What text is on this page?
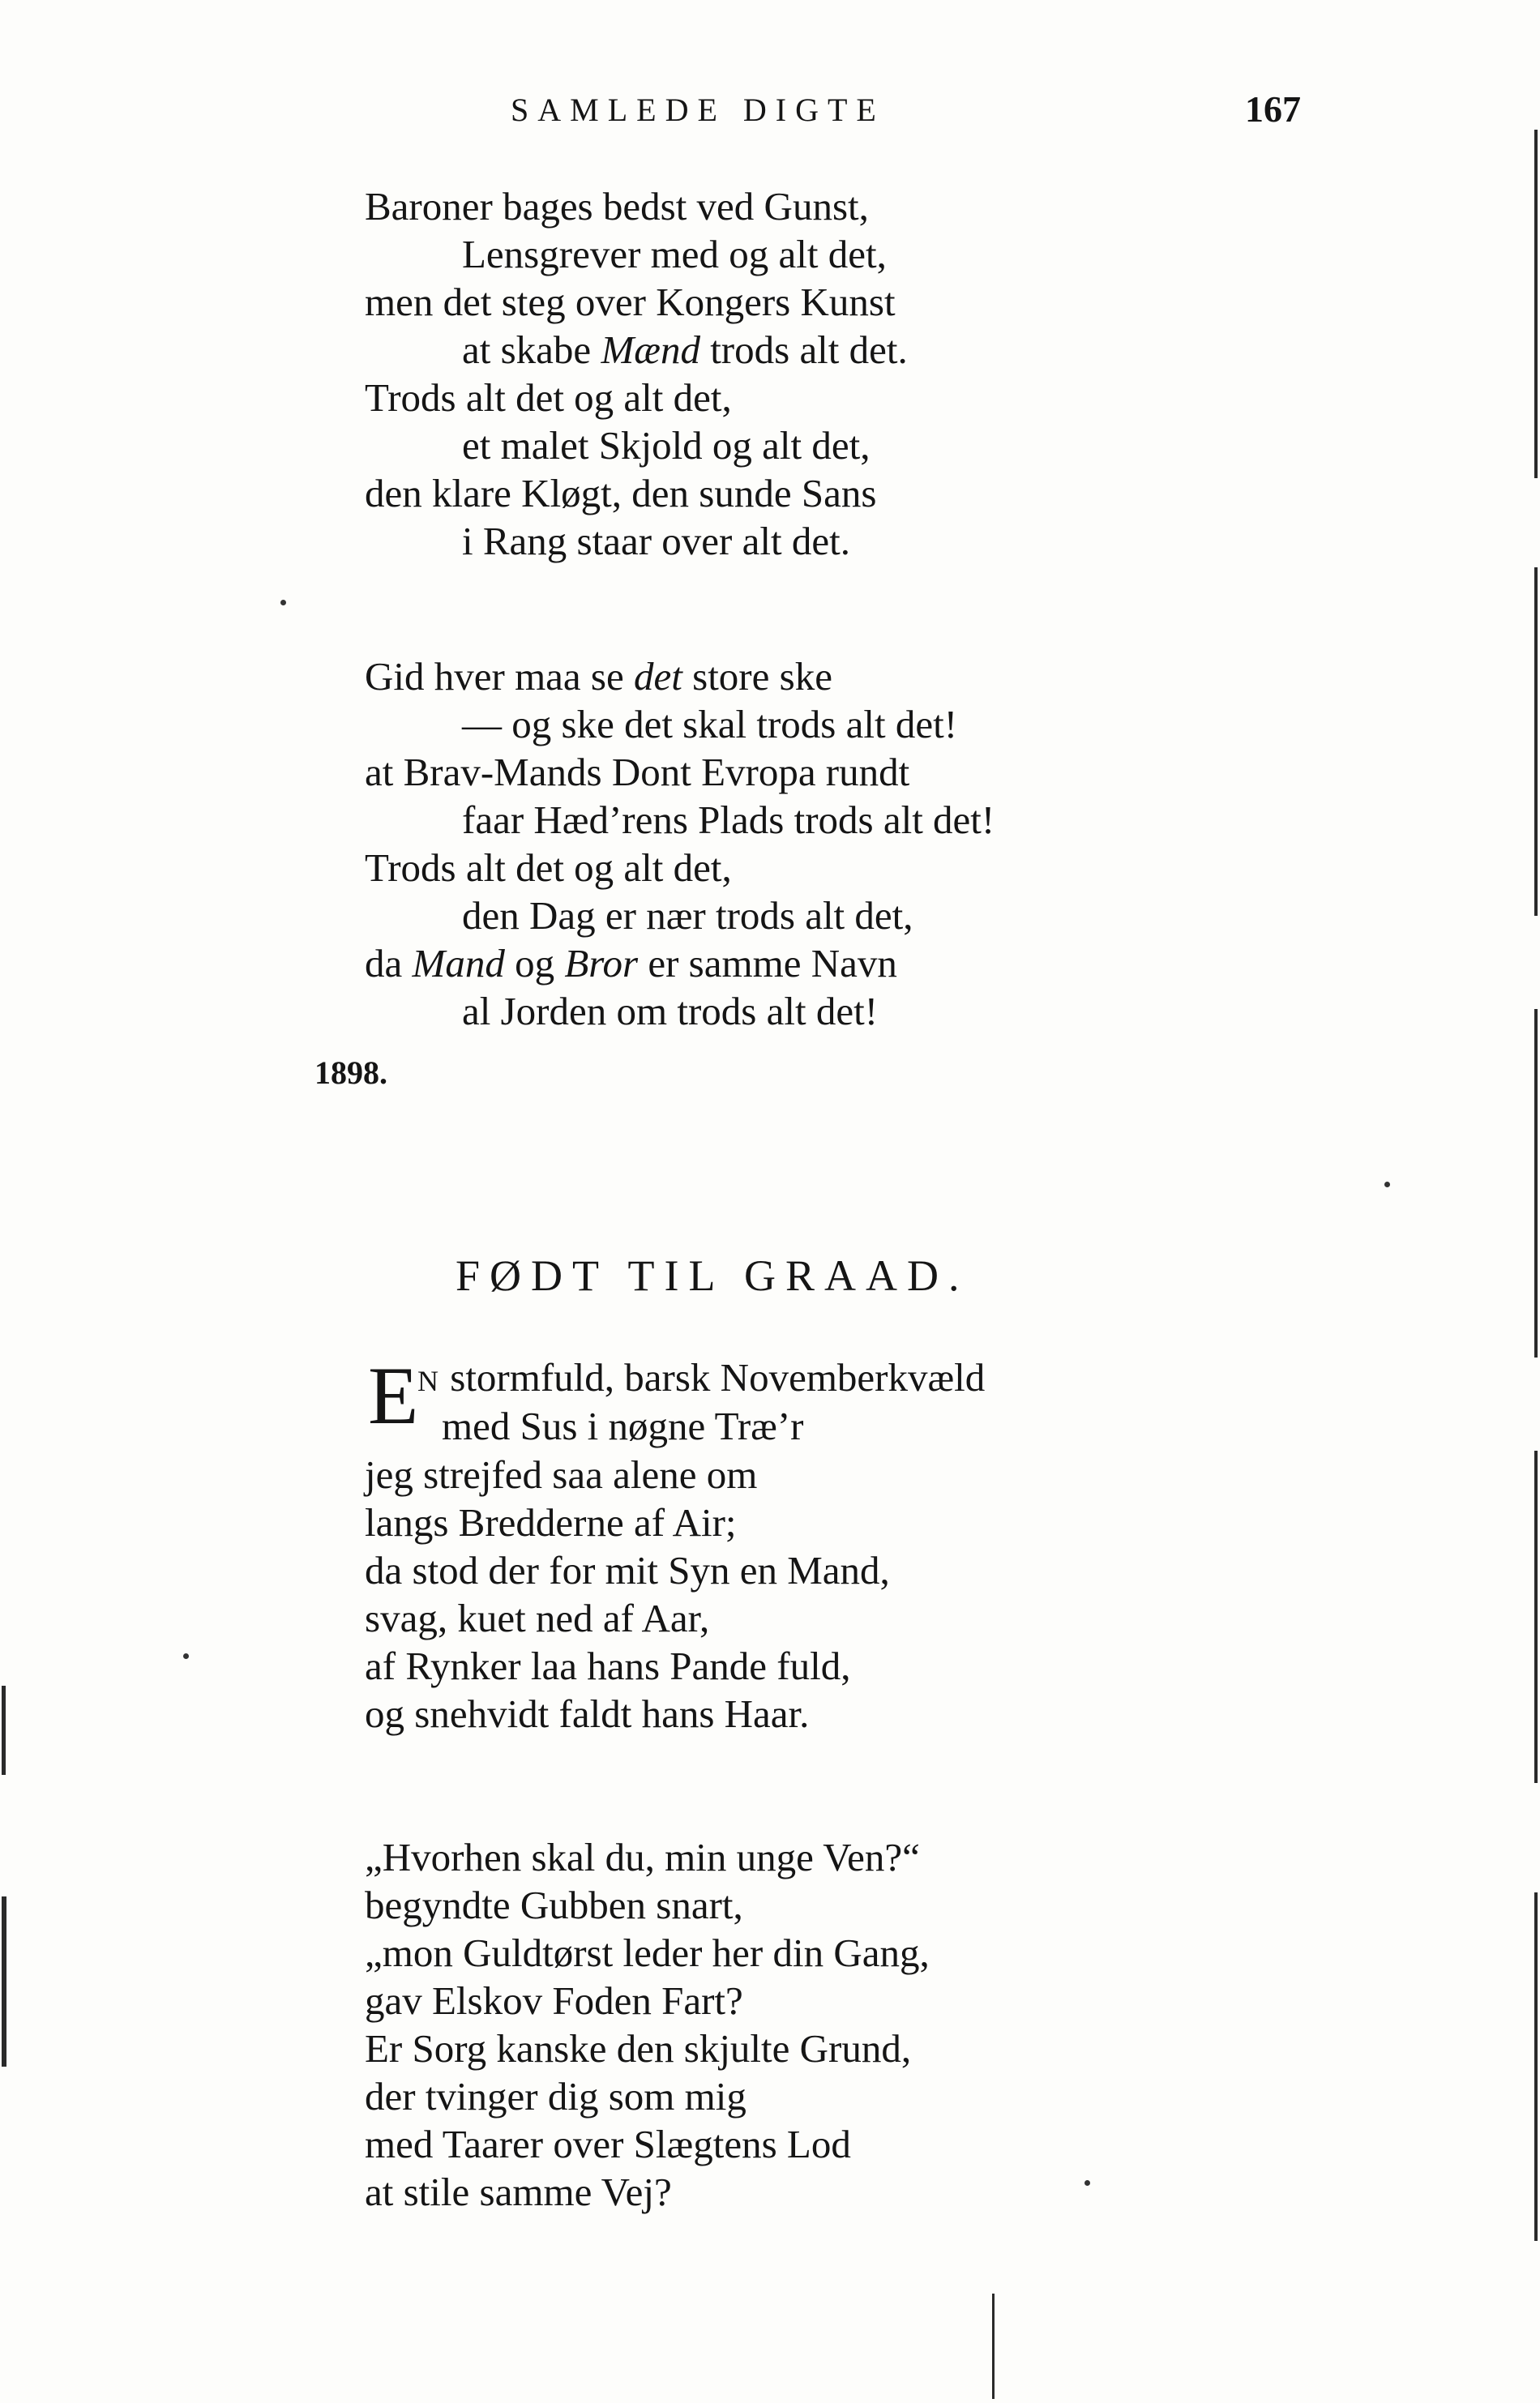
SAMLEDE DIGTE	167
Baroner bages bedst ved Gunst,
Lensgrever med og alt det,
men det steg over Kongers Kunst
at skabe Mænd trods alt det.
Trods alt det og alt det,
et malet Skjold og alt det,
den klare Kløgt, den sunde Sans
i Rang staar over alt det.
Gid hver maa se det store ske
— og ske det skal trods alt det!
at Brav-Mands Dont Evropa rundt
faar Hæd’rens Plads trods alt det!
Trods alt det og alt det,
den Dag er nær trods alt det,
da Mand og Bror er samme Navn
al Jorden om trods alt det!
1898.
FØDT TIL GRAAD.
E
N stormfuld, barsk Novemberkvæld
med Sus i nøgne Træ’r
jeg strejfed saa alene om
langs Bredderne af Air;
da stod der for mit Syn en Mand,
svag, kuet ned af Aar,
af Rynker laa hans Pande fuld,
og snehvidt faldt hans Haar.
„Hvorhen skal du, min unge Ven?“
begyndte Gubben snart,
„mon Guldtørst leder her din Gang,
gav Elskov Foden Fart?
Er Sorg kanske den skjulte Grund,
der tvinger dig som mig
med Taarer over Slægtens Lod
at stile samme Vej?
